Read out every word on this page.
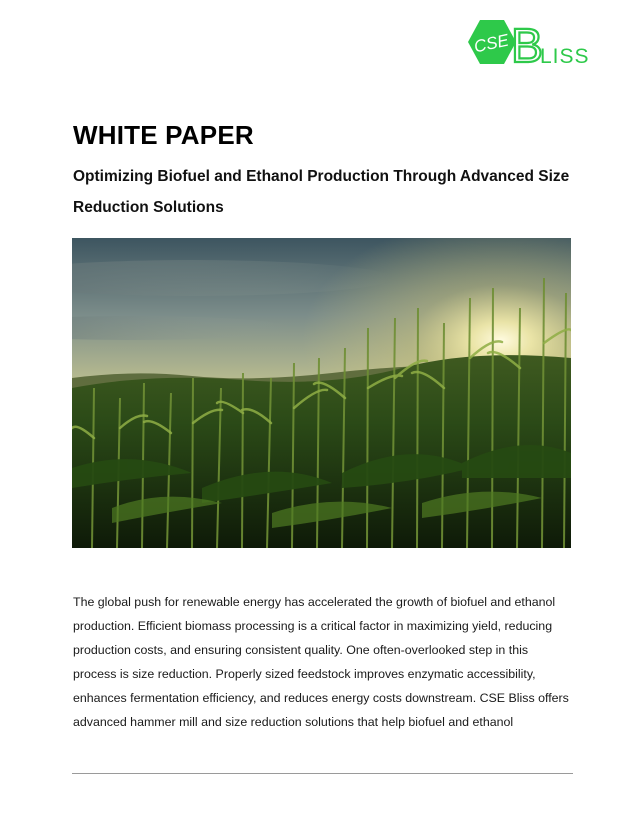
CSE B
LISS
WHITE PAPER
Optimizing Biofuel and Ethanol Production Through Advanced Size Reduction Solutions

The global push for renewable energy has accelerated the growth of biofuel and ethanol production. Efficient biomass processing is a critical factor in maximizing yield, reducing production costs, and ensuring consistent quality. One often-overlooked step in this process is size reduction. Properly sized feedstock improves enzymatic accessibility, enhances fermentation efficiency, and reduces energy costs downstream. CSE Bliss offers advanced hammer mill and size reduction solutions that help biofuel and ethanol
